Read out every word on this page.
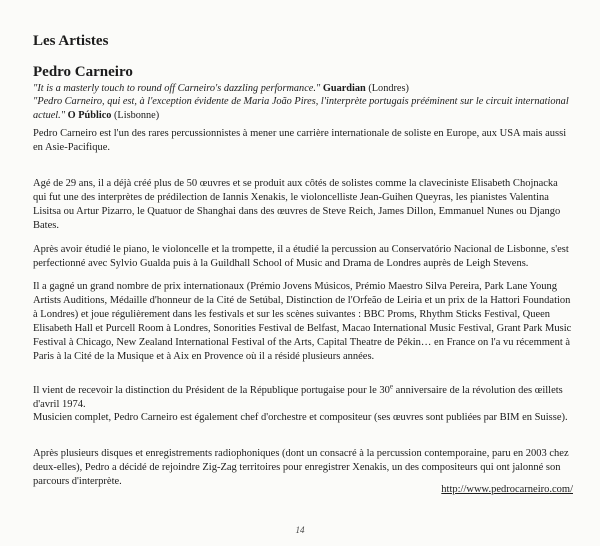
Les Artistes
Pedro Carneiro

"It is a masterly touch to round off Carneiro's dazzling performance." Guardian (Londres)

"Pedro Carneiro, qui est, à l'exception évidente de Maria João Pires, l'interprète portugais prééminent sur le circuit international actuel." O Público (Lisbonne)

Pedro Carneiro est l'un des rares percussionnistes à mener une carrière internationale de soliste en Europe, aux USA mais aussi en Asie-Pacifique.

Agé de 29 ans, il a déjà créé plus de 50 œuvres et se produit aux côtés de solistes comme la claveciniste Elisabeth Chojnacka qui fut une des interprètes de prédilection de Iannis Xenakis, le violoncelliste Jean-Guihen Queyras, les pianistes Valentina Lisitsa ou Artur Pizarro, le Quatuor de Shanghai dans des œuvres de Steve Reich, James Dillon, Emmanuel Nunes ou Django Bates.

Après avoir étudié le piano, le violoncelle et la trompette, il a étudié la percussion au Conservatório Nacional de Lisbonne, s'est perfectionné avec Sylvio Gualda puis à la Guildhall School of Music and Drama de Londres auprès de Leigh Stevens.

Il a gagné un grand nombre de prix internationaux (Prémio Jovens Músicos, Prémio Maestro Silva Pereira, Park Lane Young Artists Auditions, Médaille d'honneur de la Cité de Setúbal, Distinction de l'Orfeão de Leiria et un prix de la Hattori Foundation à Londres) et joue régulièrement dans les festivals et sur les scènes suivantes : BBC Proms, Rhythm Sticks Festival, Queen Elisabeth Hall et Purcell Room à Londres, Sonorities Festival de Belfast, Macao International Music Festival, Grant Park Music Festival à Chicago, New Zealand International Festival of the Arts, Capital Theatre de Pékin… en France on l'a vu récemment à Paris à la Cité de la Musique et à Aix en Provence où il a résidé plusieurs années.

Il vient de recevoir la distinction du Président de la République portugaise pour le 30e anniversaire de la révolution des œillets d'avril 1974.

Musicien complet, Pedro Carneiro est également chef d'orchestre et compositeur (ses œuvres sont publiées par BIM en Suisse).

Après plusieurs disques et enregistrements radiophoniques (dont un consacré à la percussion contemporaine, paru en 2003 chez deux-elles), Pedro a décidé de rejoindre Zig-Zag territoires pour enregistrer Xenakis, un des compositeurs qui ont jalonné son parcours d'interprète.

http://www.pedrocarneiro.com/
14
